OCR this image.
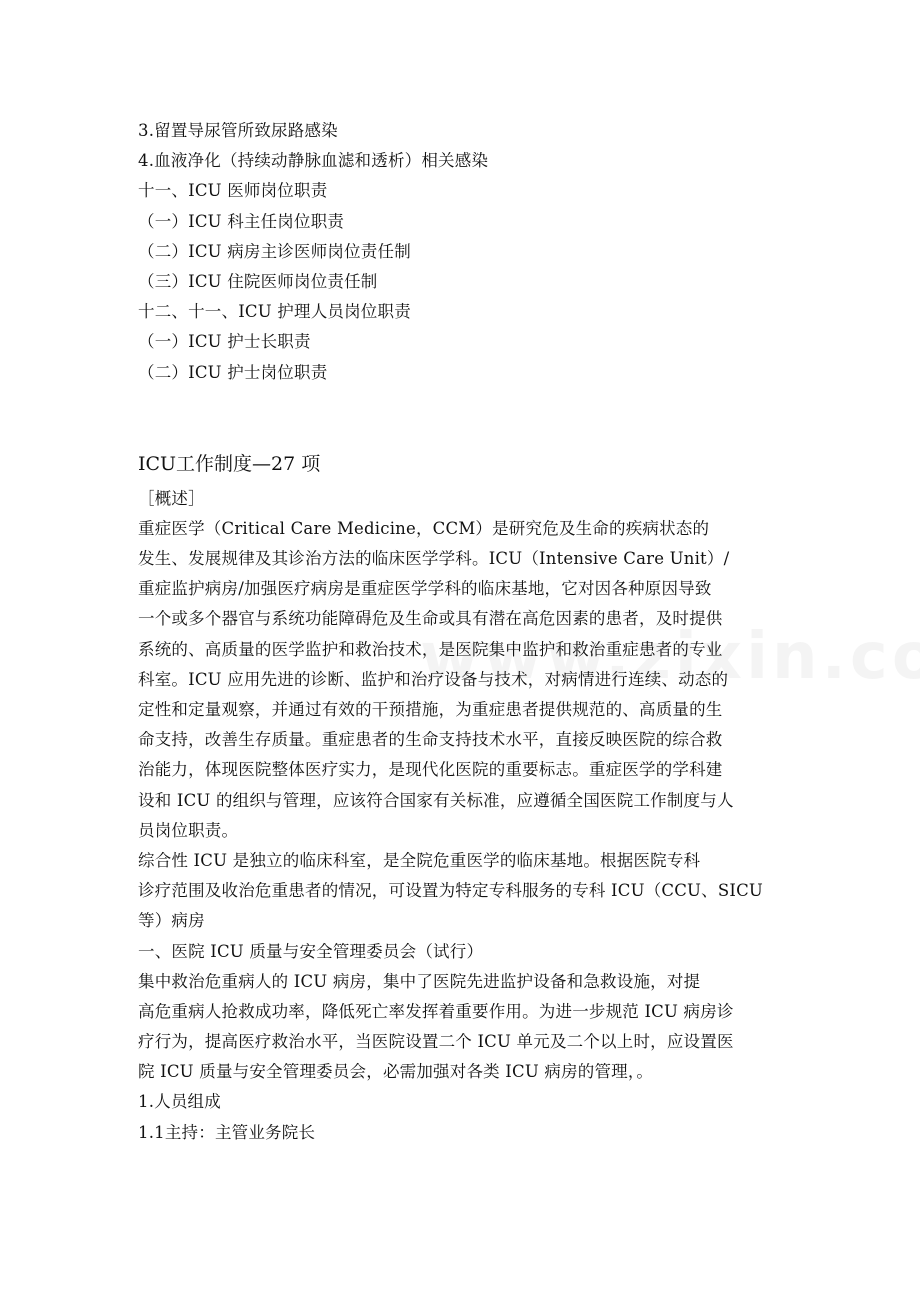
3.留置导尿管所致尿路感染
4.血液净化（持续动静脉血滤和透析）相关感染
十一、ICU 医师岗位职责
（一）ICU 科主任岗位职责
（二）ICU 病房主诊医师岗位责任制
（三）ICU 住院医师岗位责任制
十二、十一、ICU 护理人员岗位职责
（一）ICU 护士长职责
（二）ICU 护士岗位职责
ICU工作制度—27 项
［概述］
重症医学（Critical Care Medicine，CCM）是研究危及生命的疾病状态的
发生、发展规律及其诊治方法的临床医学学科。ICU（Intensive Care Unit）/
重症监护病房/加强医疗病房是重症医学学科的临床基地，它对因各种原因导致
一个或多个器官与系统功能障碍危及生命或具有潜在高危因素的患者，及时提供
系统的、高质量的医学监护和救治技术，是医院集中监护和救治重症患者的专业
科室。ICU 应用先进的诊断、监护和治疗设备与技术，对病情进行连续、动态的
定性和定量观察，并通过有效的干预措施，为重症患者提供规范的、高质量的生
命支持，改善生存质量。重症患者的生命支持技术水平，直接反映医院的综合救
治能力，体现医院整体医疗实力，是现代化医院的重要标志。重症医学的学科建
设和 ICU 的组织与管理，应该符合国家有关标准，应遵循全国医院工作制度与人
员岗位职责。
综合性 ICU 是独立的临床科室，是全院危重医学的临床基地。根据医院专科
诊疗范围及收治危重患者的情况，可设置为特定专科服务的专科 ICU（CCU、SICU
等）病房
一、医院 ICU 质量与安全管理委员会（试行）
集中救治危重病人的 ICU 病房，集中了医院先进监护设备和急救设施，对提
高危重病人抢救成功率，降低死亡率发挥着重要作用。为进一步规范 ICU 病房诊
疗行为，提高医疗救治水平，当医院设置二个 ICU 单元及二个以上时，应设置医
院 ICU 质量与安全管理委员会，必需加强对各类 ICU 病房的管理，。
1.人员组成
1.1主持：主管业务院长
